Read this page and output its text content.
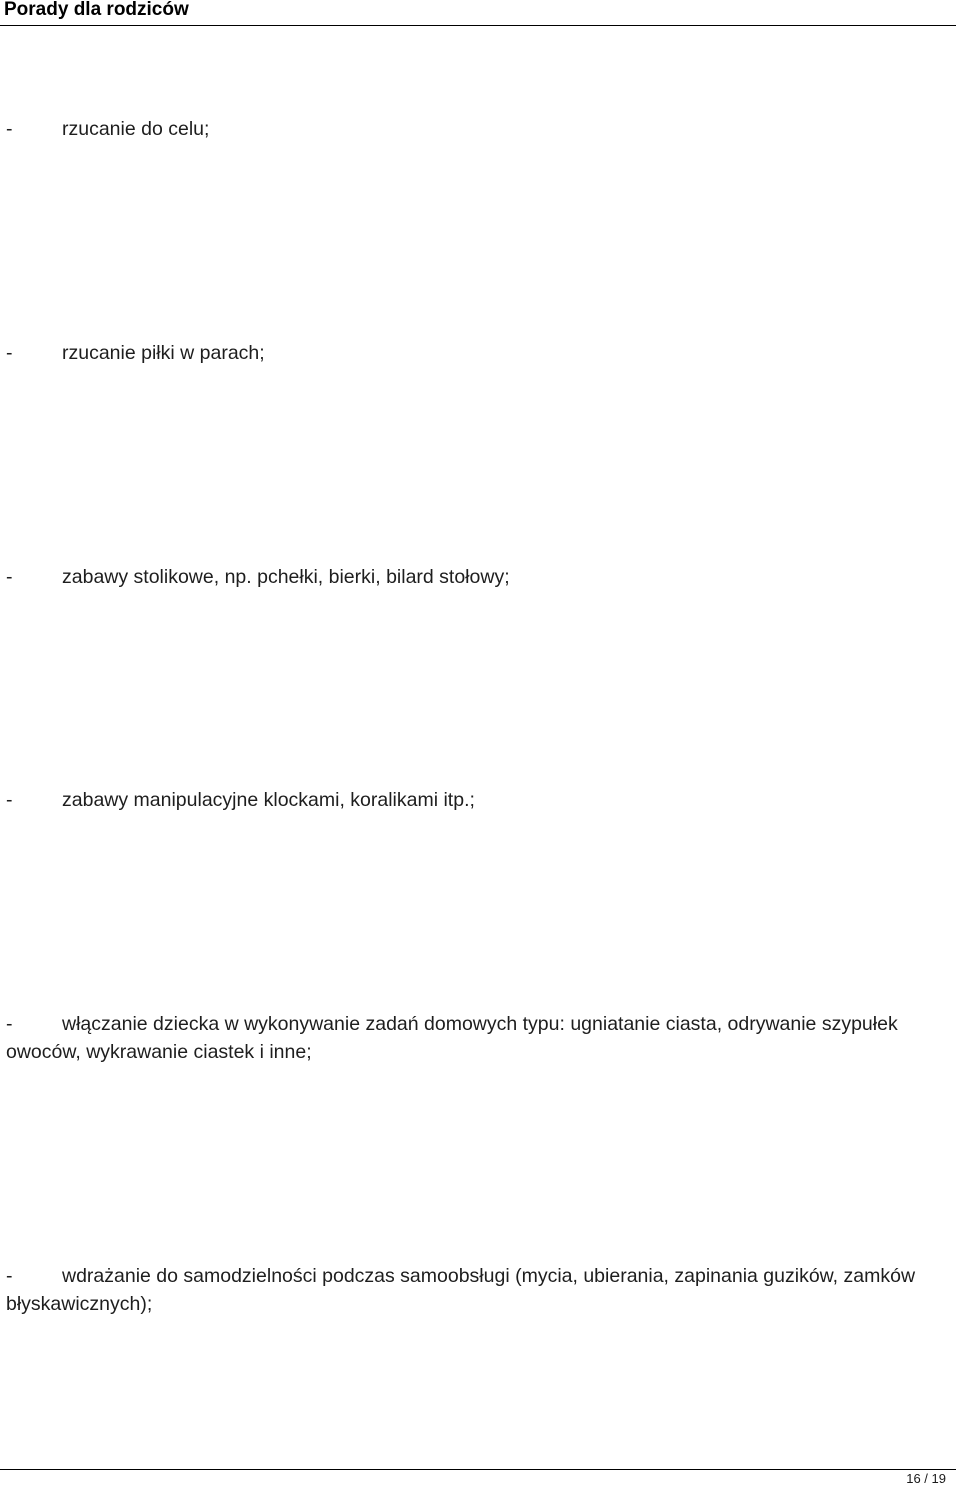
Porady dla rodziców
-	rzucanie do celu;
-	rzucanie piłki w parach;
-	zabawy stolikowe, np. pchełki, bierki, bilard stołowy;
-	zabawy manipulacyjne klockami, koralikami itp.;
-	włączanie dziecka w wykonywanie zadań domowych typu: ugniatanie ciasta, odrywanie szypułek owoców, wykrawanie ciastek i inne;
-	wdrażanie do samodzielności podczas samoobsługi (mycia, ubierania, zapinania guzików, zamków błyskawicznych);
16 / 19
